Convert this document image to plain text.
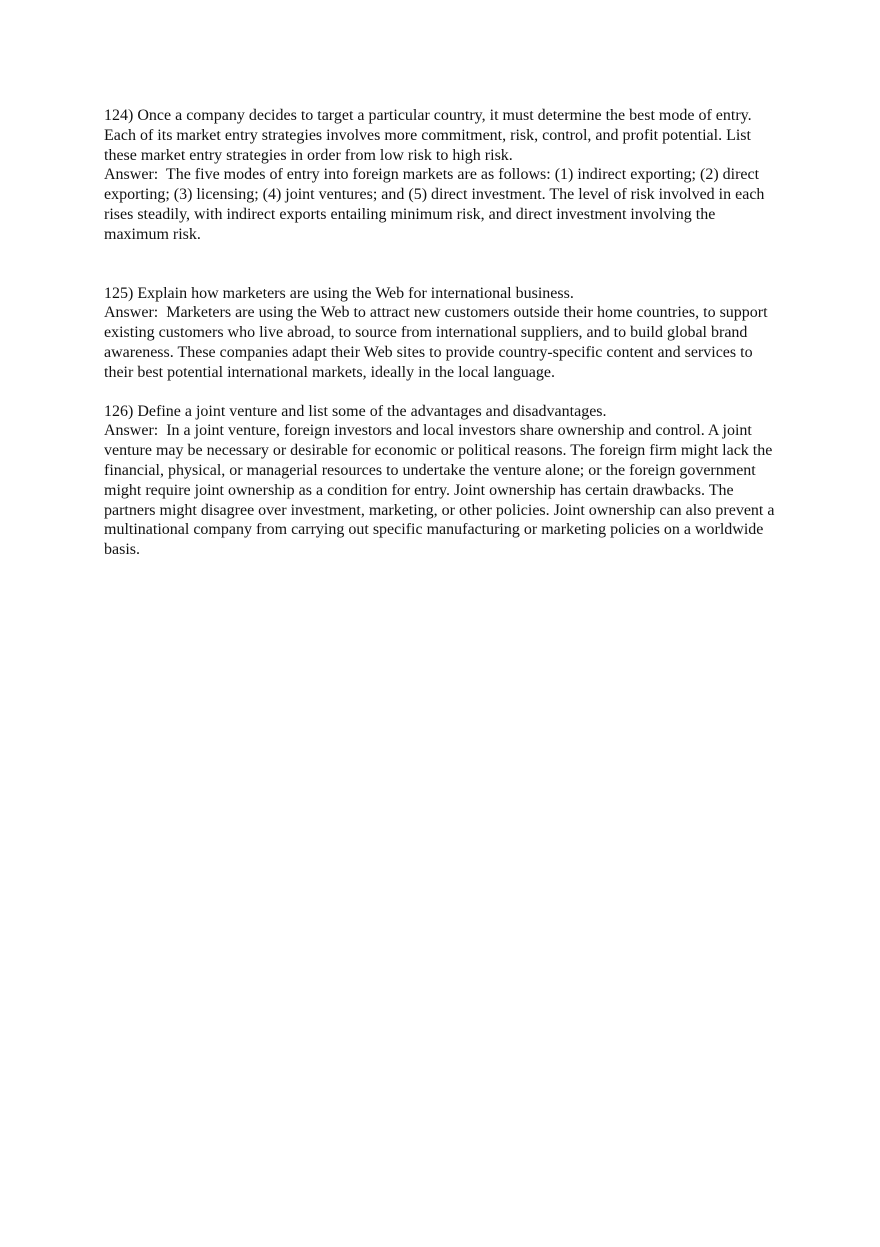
124) Once a company decides to target a particular country, it must determine the best mode of entry. Each of its market entry strategies involves more commitment, risk, control, and profit potential. List these market entry strategies in order from low risk to high risk.

Answer:  The five modes of entry into foreign markets are as follows: (1) indirect exporting; (2) direct exporting; (3) licensing; (4) joint ventures; and (5) direct investment. The level of risk involved in each rises steadily, with indirect exports entailing minimum risk, and direct investment involving the maximum risk.

125) Explain how marketers are using the Web for international business.

Answer:  Marketers are using the Web to attract new customers outside their home countries, to support existing customers who live abroad, to source from international suppliers, and to build global brand awareness. These companies adapt their Web sites to provide country-specific content and services to their best potential international markets, ideally in the local language.

126) Define a joint venture and list some of the advantages and disadvantages.

Answer:  In a joint venture, foreign investors and local investors share ownership and control. A joint venture may be necessary or desirable for economic or political reasons. The foreign firm might lack the financial, physical, or managerial resources to undertake the venture alone; or the foreign government might require joint ownership as a condition for entry. Joint ownership has certain drawbacks. The partners might disagree over investment, marketing, or other policies. Joint ownership can also prevent a multinational company from carrying out specific manufacturing or marketing policies on a worldwide basis.
